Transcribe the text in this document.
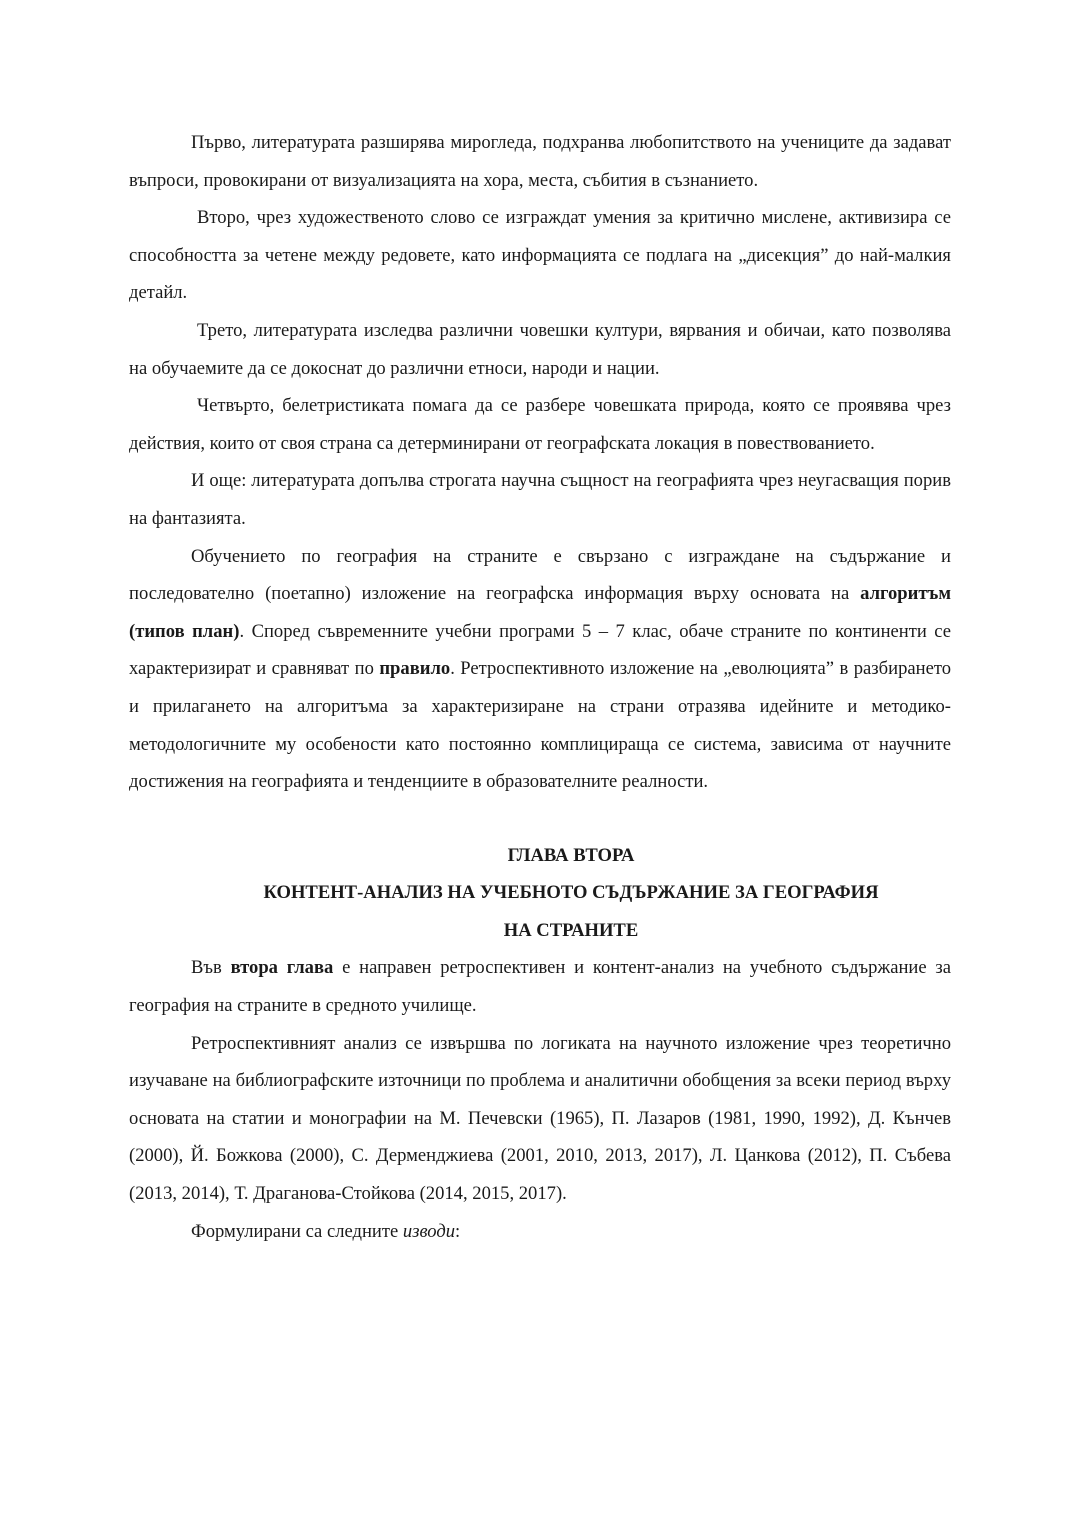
Първо, литературата разширява мирогледа, подхранва любопитството на учениците да задават въпроси, провокирани от визуализацията на хора, места, събития в съзнанието.

Второ, чрез художественото слово се изграждат умения за критично мислене, активизира се способността за четене между редовете, като информацията се подлага на „дисекция” до най-малкия детайл.

Трето, литературата изследва различни човешки култури, вярвания и обичаи, като позволява на обучаемите да се докоснат до различни етноси, народи и нации.

Четвърто, белетристиката помага да се разбере човешката природа, която се проявява чрез действия, които от своя страна са детерминирани от географската локация в повествованието.

И още: литературата допълва строгата научна същност на географията чрез неугасващия порив на фантазията.

Обучението по география на страните е свързано с изграждане на съдържание и последователно (поетапно) изложение на географска информация върху основата на алгоритъм (типов план). Според съвременните учебни програми 5 – 7 клас, обаче страните по континенти се характеризират и сравняват по правило. Ретроспективното изложение на „еволюцията” в разбирането и прилагането на алгоритъма за характеризиране на страни отразява идейните и методико-методологичните му особености като постоянно комплицираща се система, зависима от научните достижения на географията и тенденциите в образователните реалности.

ГЛАВА ВТОРА
КОНТЕНТ-АНАЛИЗ НА УЧЕБНОТО СЪДЪРЖАНИЕ ЗА ГЕОГРАФИЯ
НА СТРАНИТЕ

Във втора глава е направен ретроспективен и контент-анализ на учебното съдържание за география на страните в средното училище.

Ретроспективният анализ се извършва по логиката на научното изложение чрез теоретично изучаване на библиографските източници по проблема и аналитични обобщения за всеки период върху основата на статии и монографии на М. Печевски (1965), П. Лазаров (1981, 1990, 1992), Д. Кънчев (2000), Й. Божкова (2000), С. Дерменджиева (2001, 2010, 2013, 2017), Л. Цанкова (2012), П. Събева (2013, 2014), Т. Драганова-Стойкова (2014, 2015, 2017).

Формулирани са следните изводи:
